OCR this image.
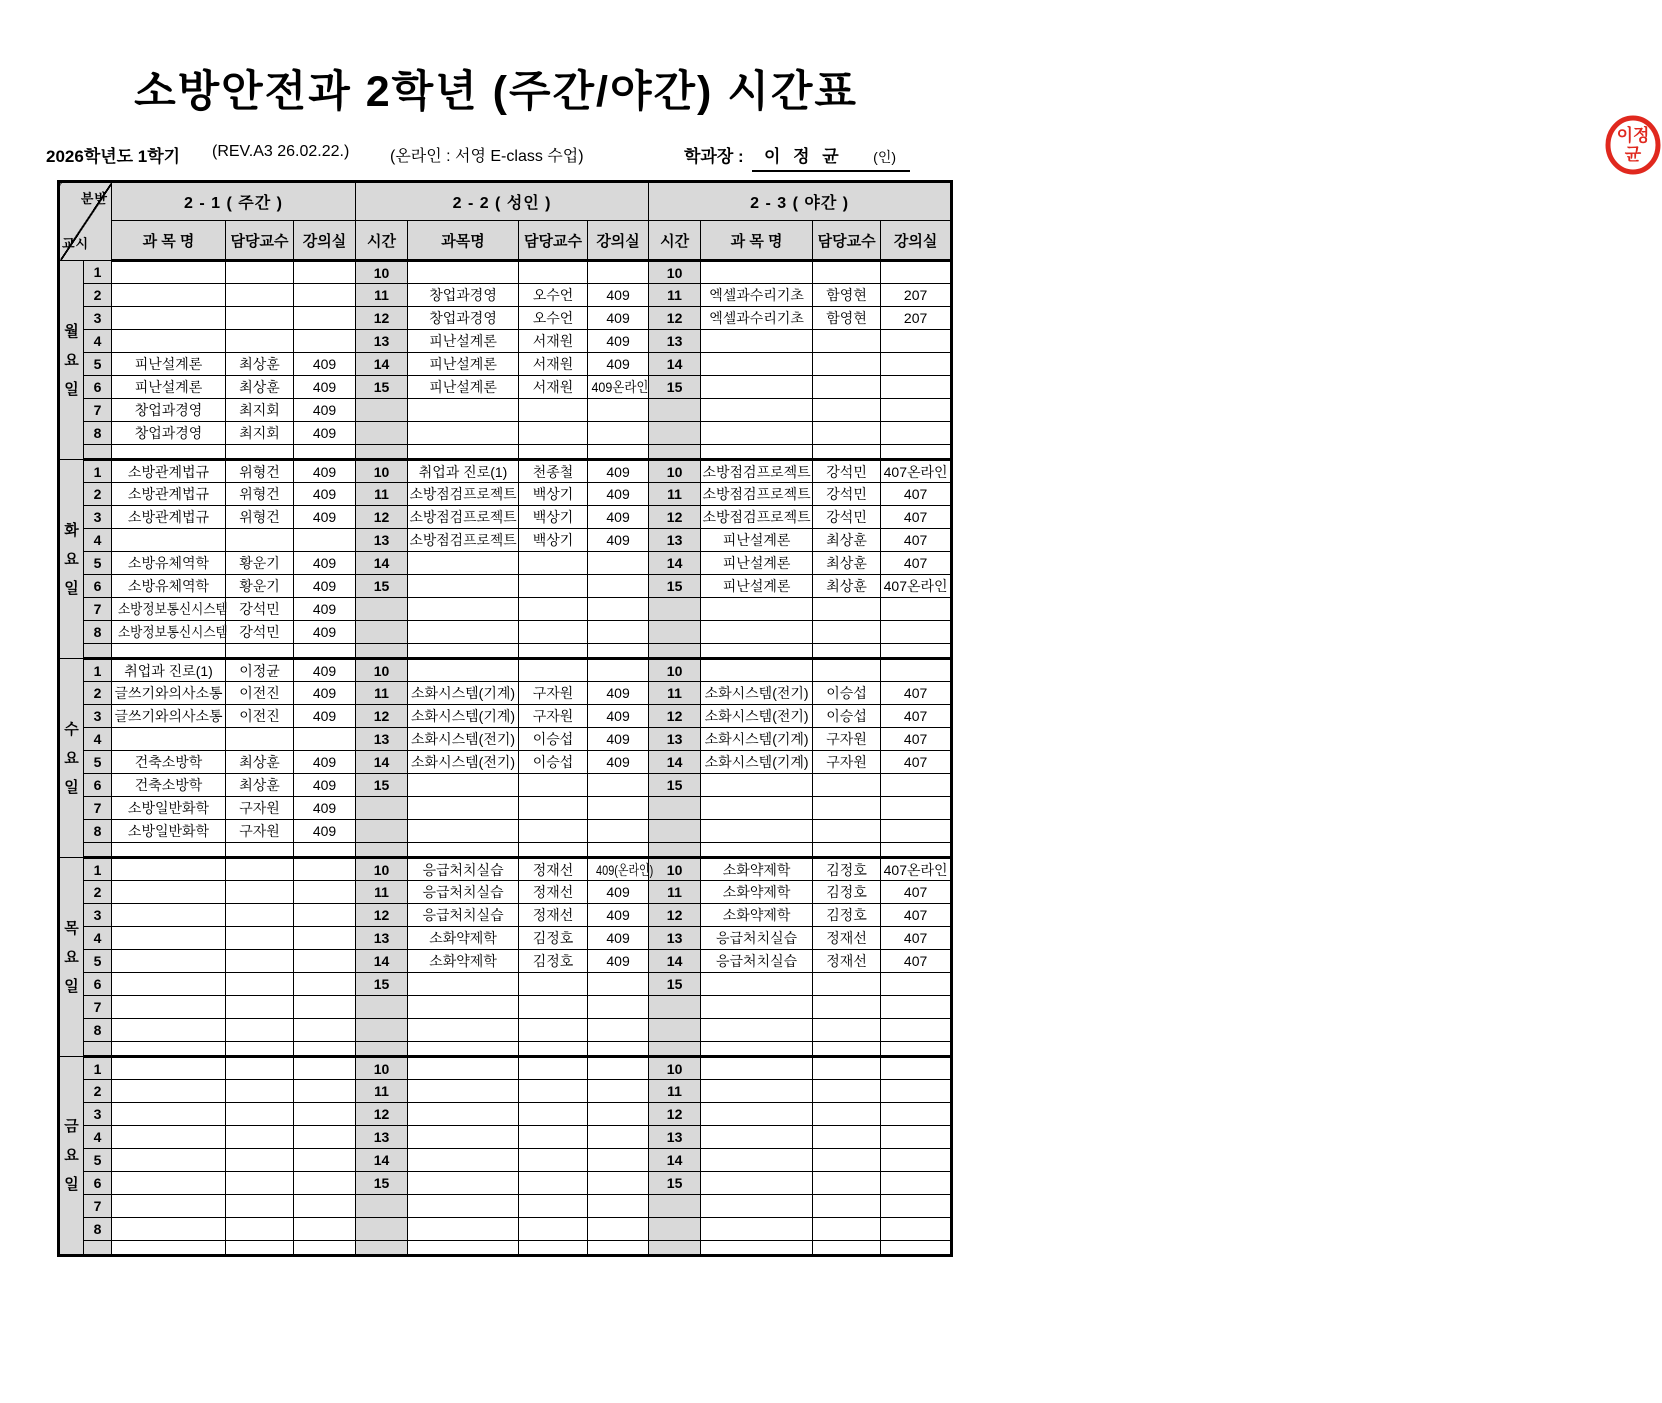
소방안전과 2학년 (주간/야간) 시간표
2026학년도 1학기 (REV.A3 26.02.22.)	(온라인 : 서영 E-class 수업)	학과장 :	이 정 균 (인)
이정
균
분반
교시		2 - 1 ( 주간 )			2 - 2 ( 성인 )				2 - 3 ( 야간 )			
		과 목 명	담당교수	강의실	시간	과목명	담당교수	강의실	시간	과 목 명	담당교수	강의실

월
요
일	1				10				10			
	2				11	창업과경영	오수언	409	11	엑셀과수리기초	함영현	207
	3				12	창업과경영	오수언	409	12	엑셀과수리기초	함영현	207
	4				13	피난설계론	서재원	409	13			
	5	피난설계론	최상훈	409	14	피난설계론	서재원	409	14			
	6	피난설계론	최상훈	409	15	피난설계론	서재원	409온라인	15			
	7	창업과경영	최지회	409								
	8	창업과경영	최지회	409								

화
요
일	1	소방관계법규	위형건	409	10	취업과 진로(1)	천종철	409	10	소방점검프로젝트	강석민	407온라인
	2	소방관계법규	위형건	409	11	소방점검프로젝트	백상기	409	11	소방점검프로젝트	강석민	407
	3	소방관계법규	위형건	409	12	소방점검프로젝트	백상기	409	12	소방점검프로젝트	강석민	407
	4				13	소방점검프로젝트	백상기	409	13	피난설계론	최상훈	407
	5	소방유체역학	황운기	409	14				14	피난설계론	최상훈	407
	6	소방유체역학	황운기	409	15				15	피난설계론	최상훈	407온라인
	7	소방정보통신시스템	강석민	409								
	8	소방정보통신시스템	강석민	409								

수
요
일	1	취업과 진로(1)	이정균	409	10				10			
	2	글쓰기와의사소통	이전진	409	11	소화시스템(기계)	구자원	409	11	소화시스템(전기)	이승섭	407
	3	글쓰기와의사소통	이전진	409	12	소화시스템(기계)	구자원	409	12	소화시스템(전기)	이승섭	407
	4				13	소화시스템(전기)	이승섭	409	13	소화시스템(기계)	구자원	407
	5	건축소방학	최상훈	409	14	소화시스템(전기)	이승섭	409	14	소화시스템(기계)	구자원	407
	6	건축소방학	최상훈	409	15				15			
	7	소방일반화학	구자원	409								
	8	소방일반화학	구자원	409								

목
요
일	1				10	응급처치실습	정재선	409(온라인)	10	소화약제학	김정호	407온라인
	2				11	응급처치실습	정재선	409	11	소화약제학	김정호	407
	3				12	응급처치실습	정재선	409	12	소화약제학	김정호	407
	4				13	소화약제학	김정호	409	13	응급처치실습	정재선	407
	5				14	소화약제학	김정호	409	14	응급처치실습	정재선	407
	6				15				15			
	7											
	8											

금
요
일	1				10				10			
	2				11				11			
	3				12				12			
	4				13				13			
	5				14				14			
	6				15				15			
	7											
	8											
